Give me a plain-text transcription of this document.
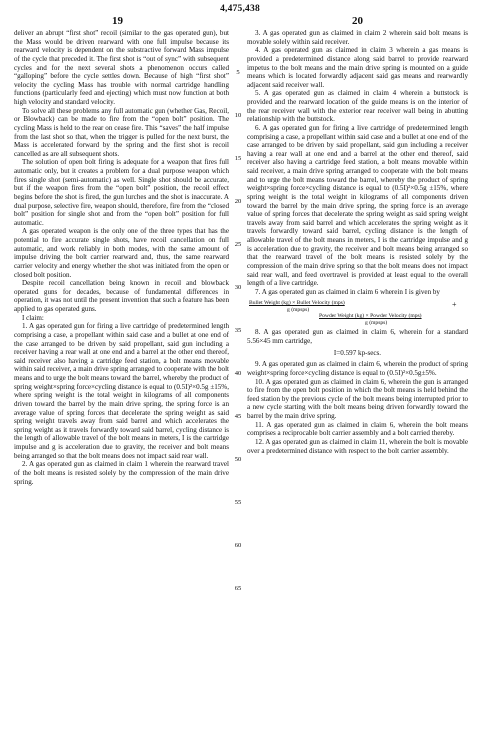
4,475,438
19	20

deliver an abrupt “first shot” recoil (similar to the gas operated gun), but the Mass would be driven rearward with one full impulse because its rearward velocity is dependent on the substractive forward Mass impulse of the cycle that preceded it. The first shot is “out of sync” with subsequent cycles and for the next several shots a phenomenon occurs called “galloping” before the cycle settles down. Because of high “first shot” velocity the cycling Mass has trouble with normal cartridge handling functions (particularly feed and ejecting) which must now function at both high velocity and standard velocity.

To solve all these problems any full automatic gun (whether Gas, Recoil, or Blowback) can be made to fire from the “open bolt” position. The cycling Mass is held to the rear on cease fire. This “saves” the half impulse from the last shot so that, when the trigger is pulled for the next burst, the Mass is accelerated forward by the spring and the first shot is recoil cancelled as are all subsequent shots.

The solution of open bolt firing is adequate for a weapon that fires full automatic only, but it creates a problem for a dual purpose weapon which fires single shot (semi-automatic) as well. Single shot should be accurate, but if the weapon fires from the “open bolt” position, the recoil effect begins before the shot is fired, the gun lurches and the shot is inaccurate. A dual purpose, selective fire, weapon should, therefore, fire from the “closed bolt” position for single shot and from the “open bolt” position for full automatic.

A gas operated weapon is the only one of the three types that has the potential to fire accurate single shots, have recoil cancellation on full automatic, and work reliably in both modes, with the same amount of impulse driving the bolt carrier rearward and, thus, the same rearward carrier velocity and energy whether the shot was initiated from the open or closed bolt position.

Despite recoil cancellation being known in recoil and blowback operated guns for decades, because of fundamental differences in operation, it was not until the present invention that such a feature has been applied to gas operated guns.

I claim:

1. A gas operated gun for firing a live cartridge of predetermined length comprising a case, a propellant within said case and a bullet at one end of the case arranged to be driven by said propellant, said gun including a receiver having a rear wall at one end and a barrel at the other end thereof, said receiver also having a cartridge feed station, a bolt means movable within said receiver, a main drive spring arranged to cooperate with the bolt means and to urge the bolt means toward the barrel, whereby the product of spring weight×spring force×cycling distance is equal to (0.5I)²×0.5g ±15%, where spring weight is the total weight in kilograms of all components driven toward the barrel by the main drive spring, the spring force is an average value of spring forces that decelerate the spring weight as said spring weight travels away from said barrel and which accelerates the spring weight as it travels forwardly toward said barrel, cycling distance is the length of allowable travel of the bolt means in meters, I is the cartridge impulse and g is acceleration due to gravity, the receiver and bolt means being arranged so that the bolt means does not impact said rear wall.

2. A gas operated gun as claimed in claim 1 wherein the rearward travel of the bolt means is resisted solely by the compression of the main drive spring.

5
10
15
20
25
30
35
40
45
50
55
60
65

3. A gas operated gun as claimed in claim 2 wherein said bolt means is movable solely within said receiver.

4. A gas operated gun as claimed in claim 3 wherein a gas means is provided a predetermined distance along said barrel to provide rearward impetus to the bolt means and the main drive spring is mounted on a guide means which is located forwardly adjacent said gas means and rearwardly adjacent said receiver wall.

5. A gas operated gun as claimed in claim 4 wherein a buttstock is provided and the rearward location of the guide means is on the interior of the rear receiver wall with the exterior rear receiver wall being in abutting relationship with the buttstock.

6. A gas operated gun for firing a live cartridge of predetermined length comprising a case, a propellant within said case and a bullet at one end of the case arranged to be driven by said propellant, said gun including a receiver having a rear wall at one end and a barrel at the other end thereof, said receiver also having a cartridge feed station, a bolt means movable within said receiver, a main drive spring arranged to cooperate with the bolt means and to urge the bolt means toward the barrel, whereby the product of spring weight×spring force×cycling distance is equal to (0.5I)²×0.5g ±15%, where spring weight is the total weight in kilograms of all components driven toward the barrel by the main drive spring, the spring force is an average value of spring forces that decelerate the spring weight as said spring weight travels away from said barrel and which accelerates the spring weight as it travels forwardly toward said barrel, cycling distance is the length of allowable travel of the bolt means in meters, I is the cartridge impulse and g is acceleration due to gravity, the receiver and bolt means being arranged so that the rearward travel of the bolt means is resisted solely by the compression of the main drive spring so that the bolt means does not impact said rear wall, and feed overtravel is provided at least equal to the overall length of a live cartridge.

7. A gas operated gun as claimed in claim 6 wherein I is given by

Bullet Weight (kg) × Bullet Velocity (mps)
g (mpsps)
+
Powder Weight (kg) × Powder Velocity (mps)
g (mpsps)

8. A gas operated gun as claimed in claim 6, wherein for a standard 5.56×45 mm cartridge,

I=0.597 kp-secs.

9. A gas operated gun as claimed in claim 6, wherein the product of spring weight×spring force×cycling distance is equal to (0.5I)²×0.5g±5%.

10. A gas operated gun as claimed in claim 6, wherein the gun is arranged to fire from the open bolt position in which the bolt means is held behind the feed station by the previous cycle of the bolt means being interrupted prior to a new cycle starting with the bolt means being driven forwardly toward the barrel by the main drive spring.

11. A gas operated gun as claimed in claim 6, wherein the bolt means comprises a reciprocable bolt carrier assembly and a bolt carried thereby.

12. A gas operated gun as claimed in claim 11, wherein the bolt is movable over a predetermined distance with respect to the bolt carrier assembly.
